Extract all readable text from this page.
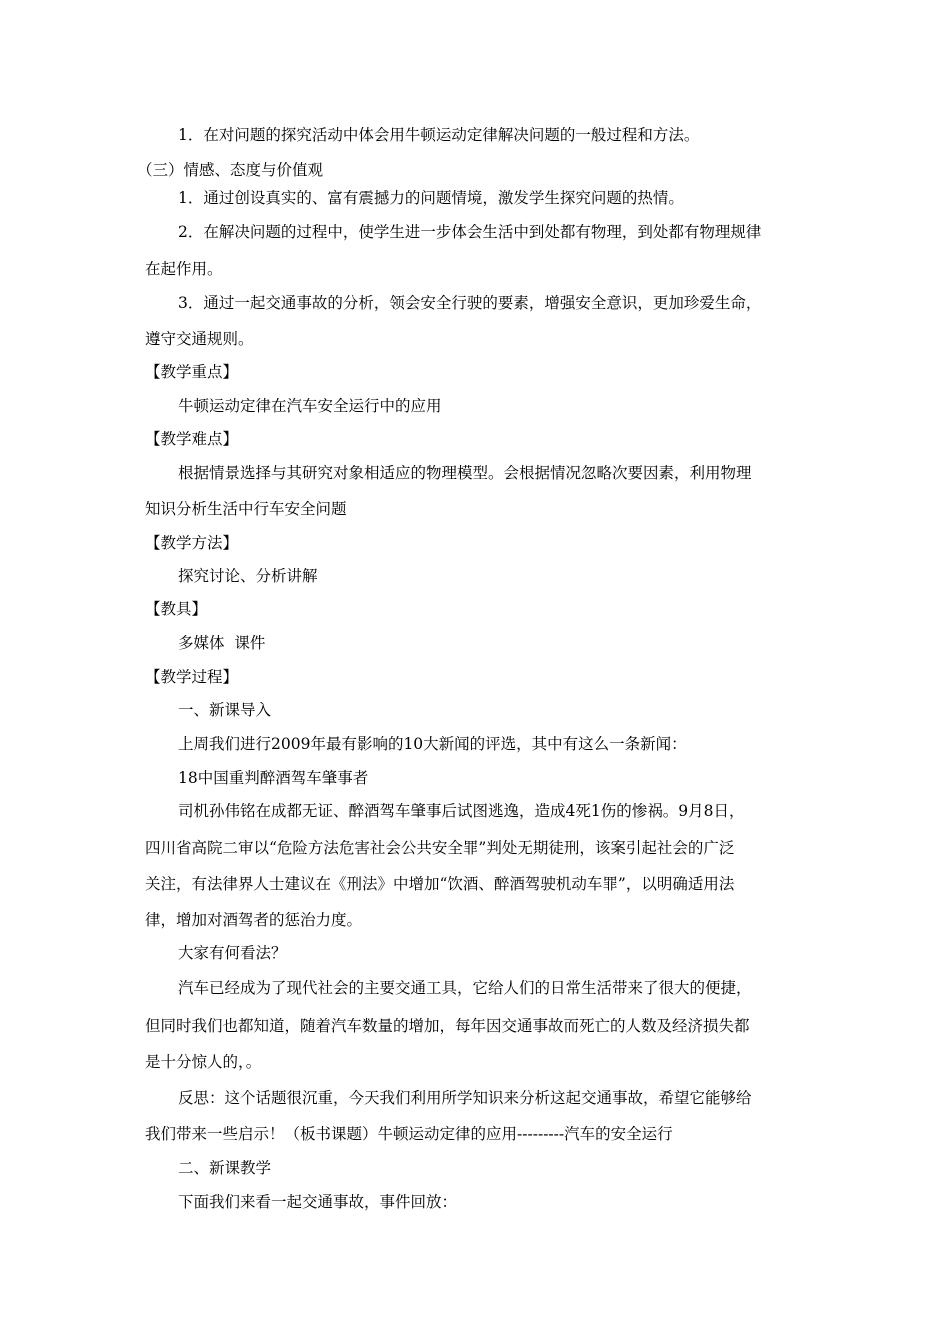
1．在对问题的探究活动中体会用牛顿运动定律解决问题的一般过程和方法。
（三）情感、态度与价值观
1．通过创设真实的、富有震撼力的问题情境，激发学生探究问题的热情。
2．在解决问题的过程中，使学生进一步体会生活中到处都有物理，到处都有物理规律
在起作用。
3．通过一起交通事故的分析，领会安全行驶的要素，增强安全意识，更加珍爱生命，
遵守交通规则。
【教学重点】
牛顿运动定律在汽车安全运行中的应用
【教学难点】
根据情景选择与其研究对象相适应的物理模型。会根据情况忽略次要因素，利用物理
知识分析生活中行车安全问题
【教学方法】
探究讨论、分析讲解
【教具】
多媒体  课件
【教学过程】
一、新课导入
上周我们进行2009年最有影响的10大新闻的评选，其中有这么一条新闻：
18中国重判醉酒驾车肇事者
司机孙伟铭在成都无证、醉酒驾车肇事后试图逃逸，造成4死1伤的惨祸。9月8日，
四川省高院二审以“危险方法危害社会公共安全罪”判处无期徒刑，该案引起社会的广泛
关注，有法律界人士建议在《刑法》中增加“饮酒、醉酒驾驶机动车罪”，以明确适用法
律，增加对酒驾者的惩治力度。
大家有何看法？
汽车已经成为了现代社会的主要交通工具，它给人们的日常生活带来了很大的便捷，
但同时我们也都知道，随着汽车数量的增加，每年因交通事故而死亡的人数及经济损失都
是十分惊人的，。
反思：这个话题很沉重，今天我们利用所学知识来分析这起交通事故，希望它能够给
我们带来一些启示！（板书课题）牛顿运动定律的应用---------汽车的安全运行
二、新课教学
下面我们来看一起交通事故，事件回放：
